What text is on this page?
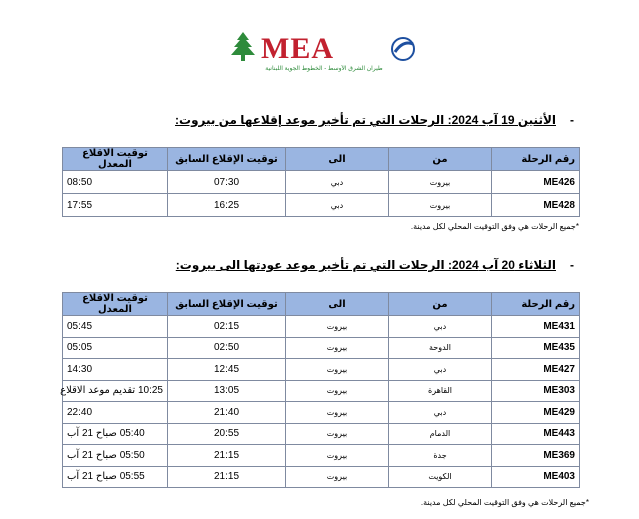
MEA
طيران الشرق الأوسط - الخطوط الجوية اللبنانية
-الأثنين 19 آب 2024: الرحلات التي تم تأخير موعد إقلاعها من بيروت:
رقم الرحلة	من	الى	توقيت الإقلاع السابق	توقيت الاقلاع المعدل
ME426	بيروت	دبي	07:30	08:50
ME428	بيروت	دبي	16:25	17:55
*جميع الرحلات هي وفق التوقيت المحلي لكل مدينة.
-الثلاثاء 20 آب 2024: الرحلات التي تم تأخير موعد عودتها الى بيروت:
رقم الرحلة	من	الى	توقيت الإقلاع السابق	توقيت الاقلاع المعدل
ME431	دبي	بيروت	02:15	05:45
ME435	الدوحة	بيروت	02:50	05:05
ME427	دبي	بيروت	12:45	14:30
ME303	القاهرة	بيروت	13:05	10:25 تقديم موعد الاقلاع
ME429	دبي	بيروت	21:40	22:40
ME443	الدمام	بيروت	20:55	05:40 صباح 21 آب
ME369	جدة	بيروت	21:15	05:50 صباح 21 آب
ME403	الكويت	بيروت	21:15	05:55 صباح 21 آب
*جميع الرحلات هي وفق التوقيت المحلي لكل مدينة.
